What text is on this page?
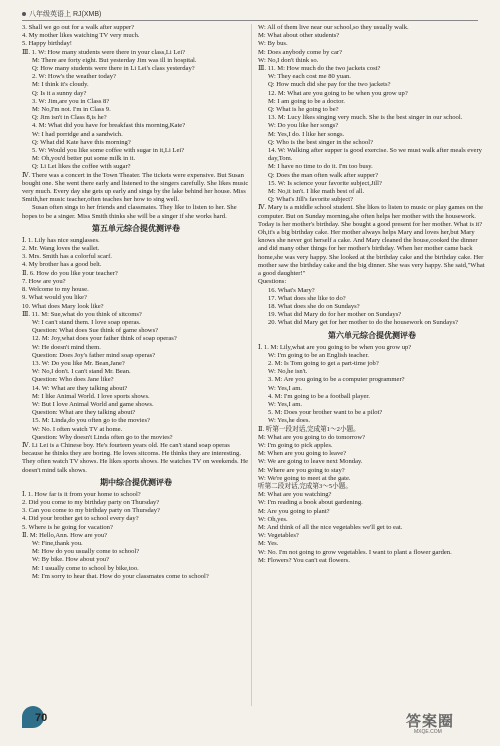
八年级英语上 RJ(XMB)

3. Shall we go out for a walk after supper?

4. My mother likes watching TV very much.

5. Happy birthday!

Ⅲ. 1. W: How many students were there in your class,Li Lei?

M: There are forty eight. But yesterday Jim was ill in hospital.

Q: How many students were there in Li Lei's class yesterday?

2. W: How's the weather today?

M: I think it's cloudy.

Q: Is it a sunny day?

3. W: Jim,are you in Class 8?

M: No,I'm not. I'm in Class 9.

Q: Jim isn't in Class 8,is he?

4. M: What did you have for breakfast this morning,Kate?

W: I had porridge and a sandwich.

Q: What did Kate have this morning?

5. W: Would you like some coffee with sugar in it,Li Lei?

M: Oh,you'd better put some milk in it.

Q: Li Lei likes the coffee with sugar?

Ⅳ. There was a concert in the Town Theater. The tickets were expensive. But Susan bought one. She went there early and listened to the singers carefully. She likes music very much. Every day she gets up early and sings by the lake behind her house. Miss Smith,her music teacher,often teaches her how to sing well.

Susan often sings to her friends and classmates. They like to listen to her. She hopes to be a singer. Miss Smith thinks she will be a singer if she works hard.

第五单元综合提优测评卷

Ⅰ. 1. Lily has nice sunglasses.

2. Mr. Wang loves the wallet.

3. Mrs. Smith has a colorful scarf.

4. My brother has a good belt.

Ⅱ. 6. How do you like your teacher?

7. How are you?

8. Welcome to my house.

9. What would you like?

10. What does Mary look like?

Ⅲ. 11. M: Sue,what do you think of sitcoms?

W: I can't stand them. I love soap operas.

Question: What does Sue think of game shows?

12. M: Joy,what does your father think of soap operas?

W: He doesn't mind them.

Question: Does Joy's father mind soap operas?

13. W: Do you like Mr. Bean,Jane?

W: No,I don't. I can't stand Mr. Bean.

Question: Who does Jane like?

14. W: What are they talking about?

M: I like Animal World. I love sports shows.

W: But I love Animal World and game shows.

Question: What are they talking about?

15. M: Linda,do you often go to the movies?

W: No. I often watch TV at home.

Question: Why doesn't Linda often go to the movies?

Ⅳ. Li Lei is a Chinese boy. He's fourteen years old. He can't stand soap operas because he thinks they are boring. He loves sitcoms. He thinks they are interesting. They often watch TV shows. He likes sports shows. He watches TV on weekends. He doesn't mind talk shows.

期中综合提优测评卷

Ⅰ. 1. How far is it from your home to school?

2. Did you come to my birthday party on Thursday?

3. Can you come to my birthday party on Thursday?

4. Did your brother get to school every day?

5. Where is he going for vacation?

Ⅱ. M: Hello,Ann. How are you?

W: Fine,thank you.

M: How do you usually come to school?

W: By bike. How about you?

M: I usually come to school by bike,too.

M: I'm sorry to hear that. How do your classmates come to school?

W: All of them live near our school,so they usually walk.

M: What about other students?

W: By bus.

M: Does anybody come by car?

W: No,I don't think so.

Ⅲ. 11. M: How much do the two jackets cost?

W: They each cost me 80 yuan.

Q: How much did she pay for the two jackets?

12. M: What are you going to be when you grow up?

M: I am going to be a doctor.

Q: What is he going to be?

13. M: Lucy likes singing very much. She is the best singer in our school.

W: Do you like her songs?

M: Yes,I do. I like her songs.

Q: Who is the best singer in the school?

14. W: Walking after supper is good exercise. So we must walk after meals every day,Tom.

M: I have no time to do it. I'm too busy.

Q: Does the man often walk after supper?

15. W: Is science your favorite subject,Jill?

M: No,it isn't. I like math best of all.

Q: What's Jill's favorite subject?

Ⅳ. Mary is a middle school student. She likes to listen to music or play games on the computer. But on Sunday morning,she often helps her mother with the housework. Today is her mother's birthday. She bought a good present for her mother. What is it? Oh,it's a big birthday cake. Her mother always helps Mary and loves her,but Mary knows she never got herself a cake. And Mary cleaned the house,cooked the dinner and did many other things for her mother's birthday. When her mother came back home,she was very happy. She looked at the birthday cake and the birthday cake. Her mother saw the birthday cake and the big dinner. She was very happy. She said,"What a good daughter!"

Questions:

16. What's Mary?

17. What does she like to do?

18. What does she do on Sundays?

19. What did Mary do for her mother on Sundays?

20. What did Mary get for her mother to do the housework on Sundays?

第六单元综合提优测评卷

Ⅰ. 1. M: Lily,what are you going to be when you grow up?

W: I'm going to be an English teacher.

2. M: Is Tom going to get a part-time job?

W: No,he isn't.

3. M: Are you going to be a computer programmer?

W: Yes,I am.

4. M: I'm going to be a football player.

W: Yes,I am.

5. M: Does your brother want to be a pilot?

W: Yes,he does.

Ⅱ. 听第一段对话,完成第1～2小题。

M: What are you going to do tomorrow?

W: I'm going to pick apples.

M: When are you going to leave?

W: We are going to leave next Monday.

M: Where are you going to stay?

W: We're going to meet at the gate.

听第二段对话,完成第3～5小题。

M: What are you watching?

W: I'm reading a book about gardening.

M: Are you going to plant?

W: Oh,yes.

M: And think of all the nice vegetables we'll get to eat.

W: Vegetables?

M: Yes.

W: No. I'm not going to grow vegetables. I want to plant a flower garden.

M: Flowers? You can't eat flowers.

70	答案圈
MXQE.COM
